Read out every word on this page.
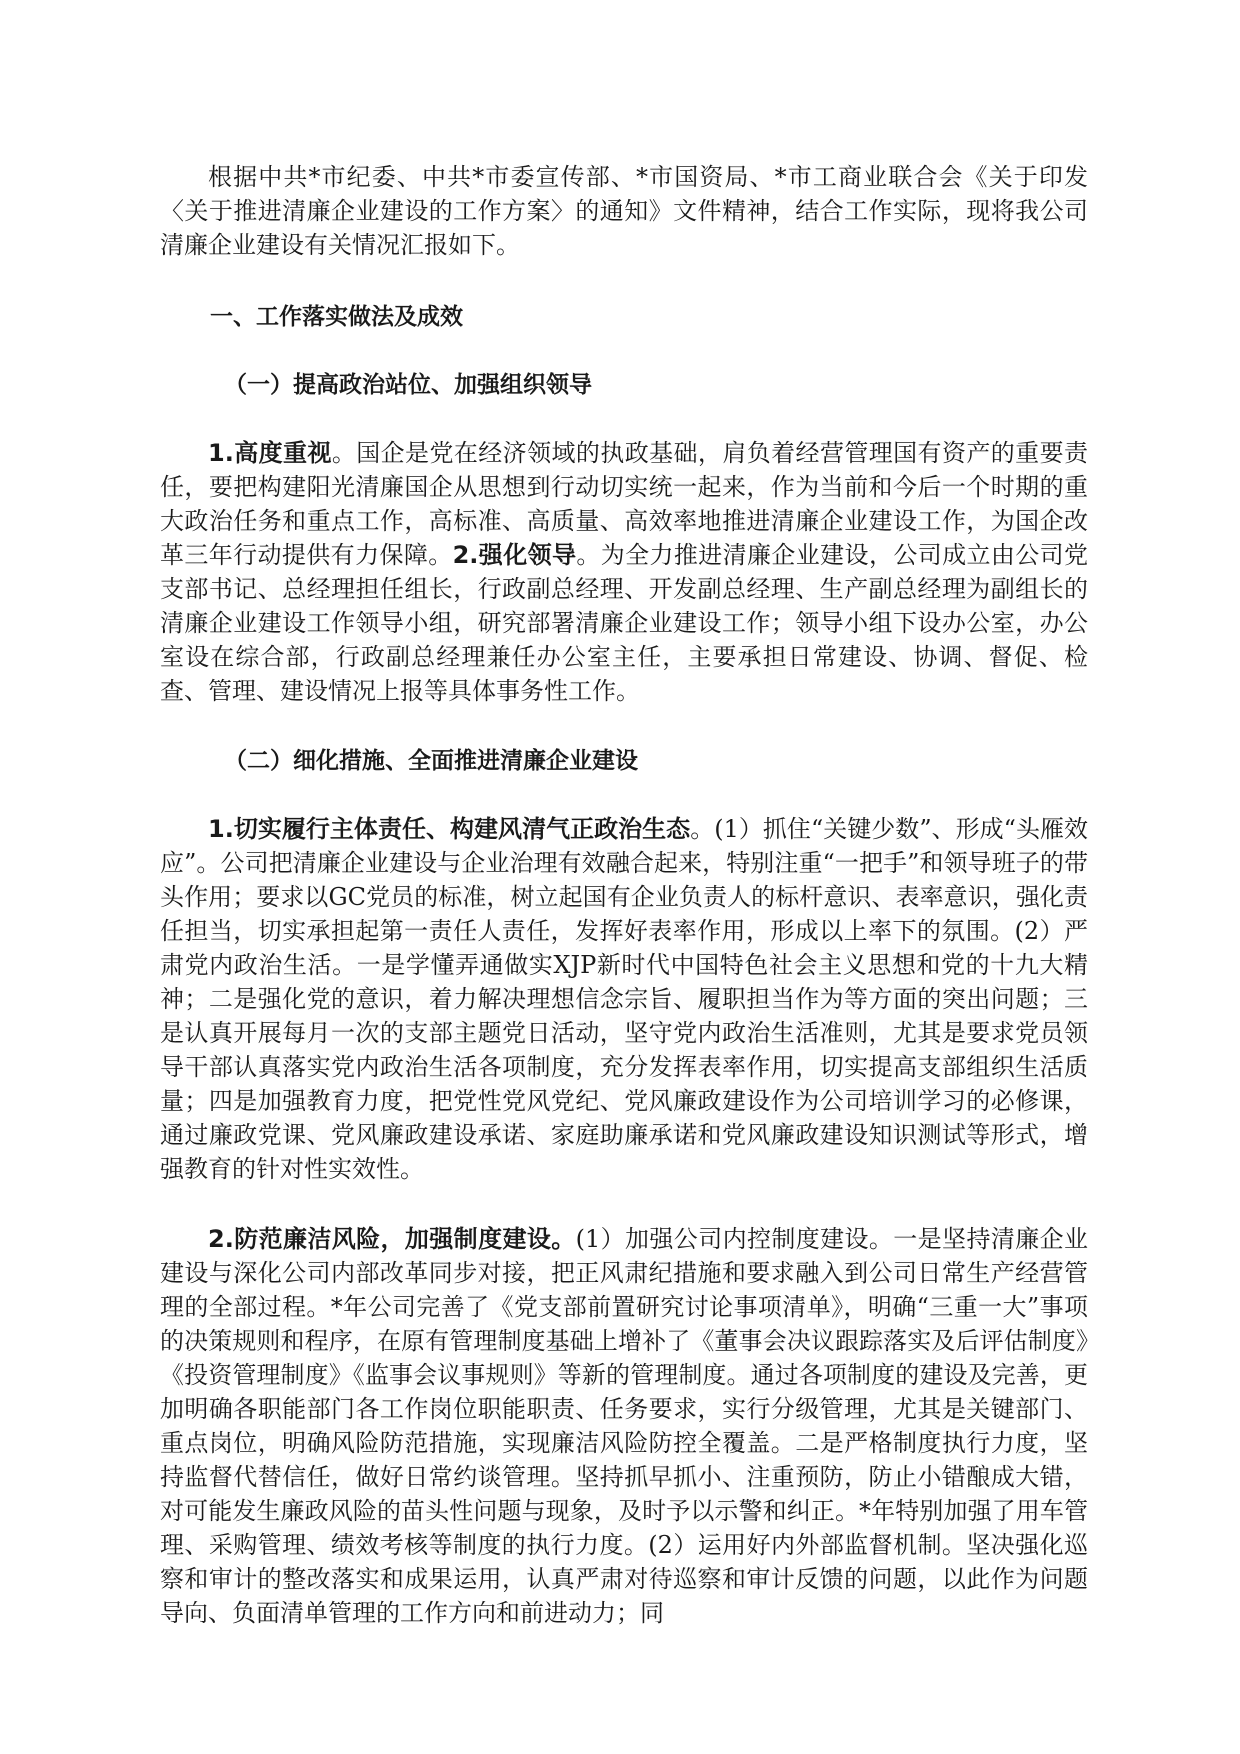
根据中共*市纪委、中共*市委宣传部、*市国资局、*市工商业联合会《关于印发〈关于推进清廉企业建设的工作方案〉的通知》文件精神，结合工作实际，现将我公司清廉企业建设有关情况汇报如下。

一、工作落实做法及成效
（一）提高政治站位、加强组织领导

1.高度重视。国企是党在经济领域的执政基础，肩负着经营管理国有资产的重要责任，要把构建阳光清廉国企从思想到行动切实统一起来，作为当前和今后一个时期的重大政治任务和重点工作，高标准、高质量、高效率地推进清廉企业建设工作，为国企改革三年行动提供有力保障。2.强化领导。为全力推进清廉企业建设，公司成立由公司党支部书记、总经理担任组长，行政副总经理、开发副总经理、生产副总经理为副组长的清廉企业建设工作领导小组，研究部署清廉企业建设工作；领导小组下设办公室，办公室设在综合部，行政副总经理兼任办公室主任，主要承担日常建设、协调、督促、检查、管理、建设情况上报等具体事务性工作。

（二）细化措施、全面推进清廉企业建设

1.切实履行主体责任、构建风清气正政治生态。(1）抓住“关键少数”、形成“头雁效应”。公司把清廉企业建设与企业治理有效融合起来，特别注重“一把手”和领导班子的带头作用；要求以GC党员的标准，树立起国有企业负责人的标杆意识、表率意识，强化责任担当，切实承担起第一责任人责任，发挥好表率作用，形成以上率下的氛围。(2）严肃党内政治生活。一是学懂弄通做实XJP新时代中国特色社会主义思想和党的十九大精神；二是强化党的意识，着力解决理想信念宗旨、履职担当作为等方面的突出问题；三是认真开展每月一次的支部主题党日活动，坚守党内政治生活准则，尤其是要求党员领导干部认真落实党内政治生活各项制度，充分发挥表率作用，切实提高支部组织生活质量；四是加强教育力度，把党性党风党纪、党风廉政建设作为公司培训学习的必修课，通过廉政党课、党风廉政建设承诺、家庭助廉承诺和党风廉政建设知识测试等形式，增强教育的针对性实效性。

2.防范廉洁风险，加强制度建设。(1）加强公司内控制度建设。一是坚持清廉企业建设与深化公司内部改革同步对接，把正风肃纪措施和要求融入到公司日常生产经营管理的全部过程。*年公司完善了《党支部前置研究讨论事项清单》，明确“三重一大”事项的决策规则和程序，在原有管理制度基础上增补了《董事会决议跟踪落实及后评估制度》《投资管理制度》《监事会议事规则》等新的管理制度。通过各项制度的建设及完善，更加明确各职能部门各工作岗位职能职责、任务要求，实行分级管理，尤其是关键部门、重点岗位，明确风险防范措施，实现廉洁风险防控全覆盖。二是严格制度执行力度，坚持监督代替信任，做好日常约谈管理。坚持抓早抓小、注重预防，防止小错酿成大错，对可能发生廉政风险的苗头性问题与现象，及时予以示警和纠正。*年特别加强了用车管理、采购管理、绩效考核等制度的执行力度。(2）运用好内外部监督机制。坚决强化巡察和审计的整改落实和成果运用，认真严肃对待巡察和审计反馈的问题，以此作为问题导向、负面清单管理的工作方向和前进动力；同
